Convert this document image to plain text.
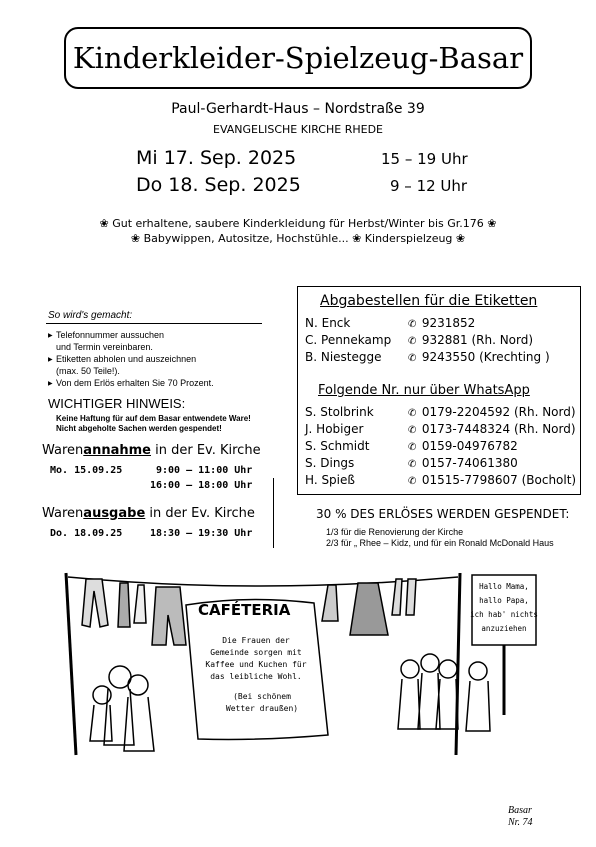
Kinderkleider-Spielzeug-Basar
Paul-Gerhardt-Haus – Nordstraße 39
EVANGELISCHE KIRCHE RHEDE
Mi 17. Sep. 2025	15 – 19 Uhr
Do 18. Sep. 2025	9 – 12 Uhr
❀ Gut erhaltene, saubere Kinderkleidung für Herbst/Winter bis Gr.176 ❀
❀ Babywippen, Autositze, Hochstühle... ❀ Kinderspielzeug ❀
So wird's gemacht:
▶ Telefonnummer aussuchen
und Termin vereinbaren.
▶ Etiketten abholen und auszeichnen
(max. 50 Teile!).
▶ Von dem Erlös erhalten Sie 70 Prozent.
WICHTIGER HINWEIS:
Keine Haftung für auf dem Basar entwendete Ware!
Nicht abgeholte Sachen werden gespendet!
Warenannahme in der Ev. Kirche
Mo. 15.09.25	9:00 – 11:00 Uhr
16:00 – 18:00 Uhr
Warenausgabe in der Ev. Kirche
Do. 18.09.25	18:30 – 19:30 Uhr
Abgabestellen für die Etiketten
N. Enck	✆ 9231852
C. Pennekamp ✆ 932881 (Rh. Nord)
B. Niestegge	✆ 9243550 (Krechting )
Folgende Nr. nur über WhatsApp
S. Stolbrink	✆ 0179-2204592 (Rh. Nord)
J. Hobiger	✆ 0173-7448324 (Rh. Nord)
S. Schmidt	✆ 0159-04976782
S. Dings	✆ 0157-74061380
H. Spieß	✆ 01515-7798607 (Bocholt)
30 % DES ERLÖSES WERDEN GESPENDET:
1/3 für die Renovierung der Kirche
2/3 für „ Rhee – Kidz, und für ein Ronald McDonald Haus
CAFÉTERIA
Die Frauen der
Gemeinde sorgen mit
Kaffee und Kuchen für
das leibliche Wohl.
(Bei schönem
Wetter draußen)
Hallo Mama,
hallo Papa,
ich hab' nichts
anzuziehen
Basar
Nr. 74
